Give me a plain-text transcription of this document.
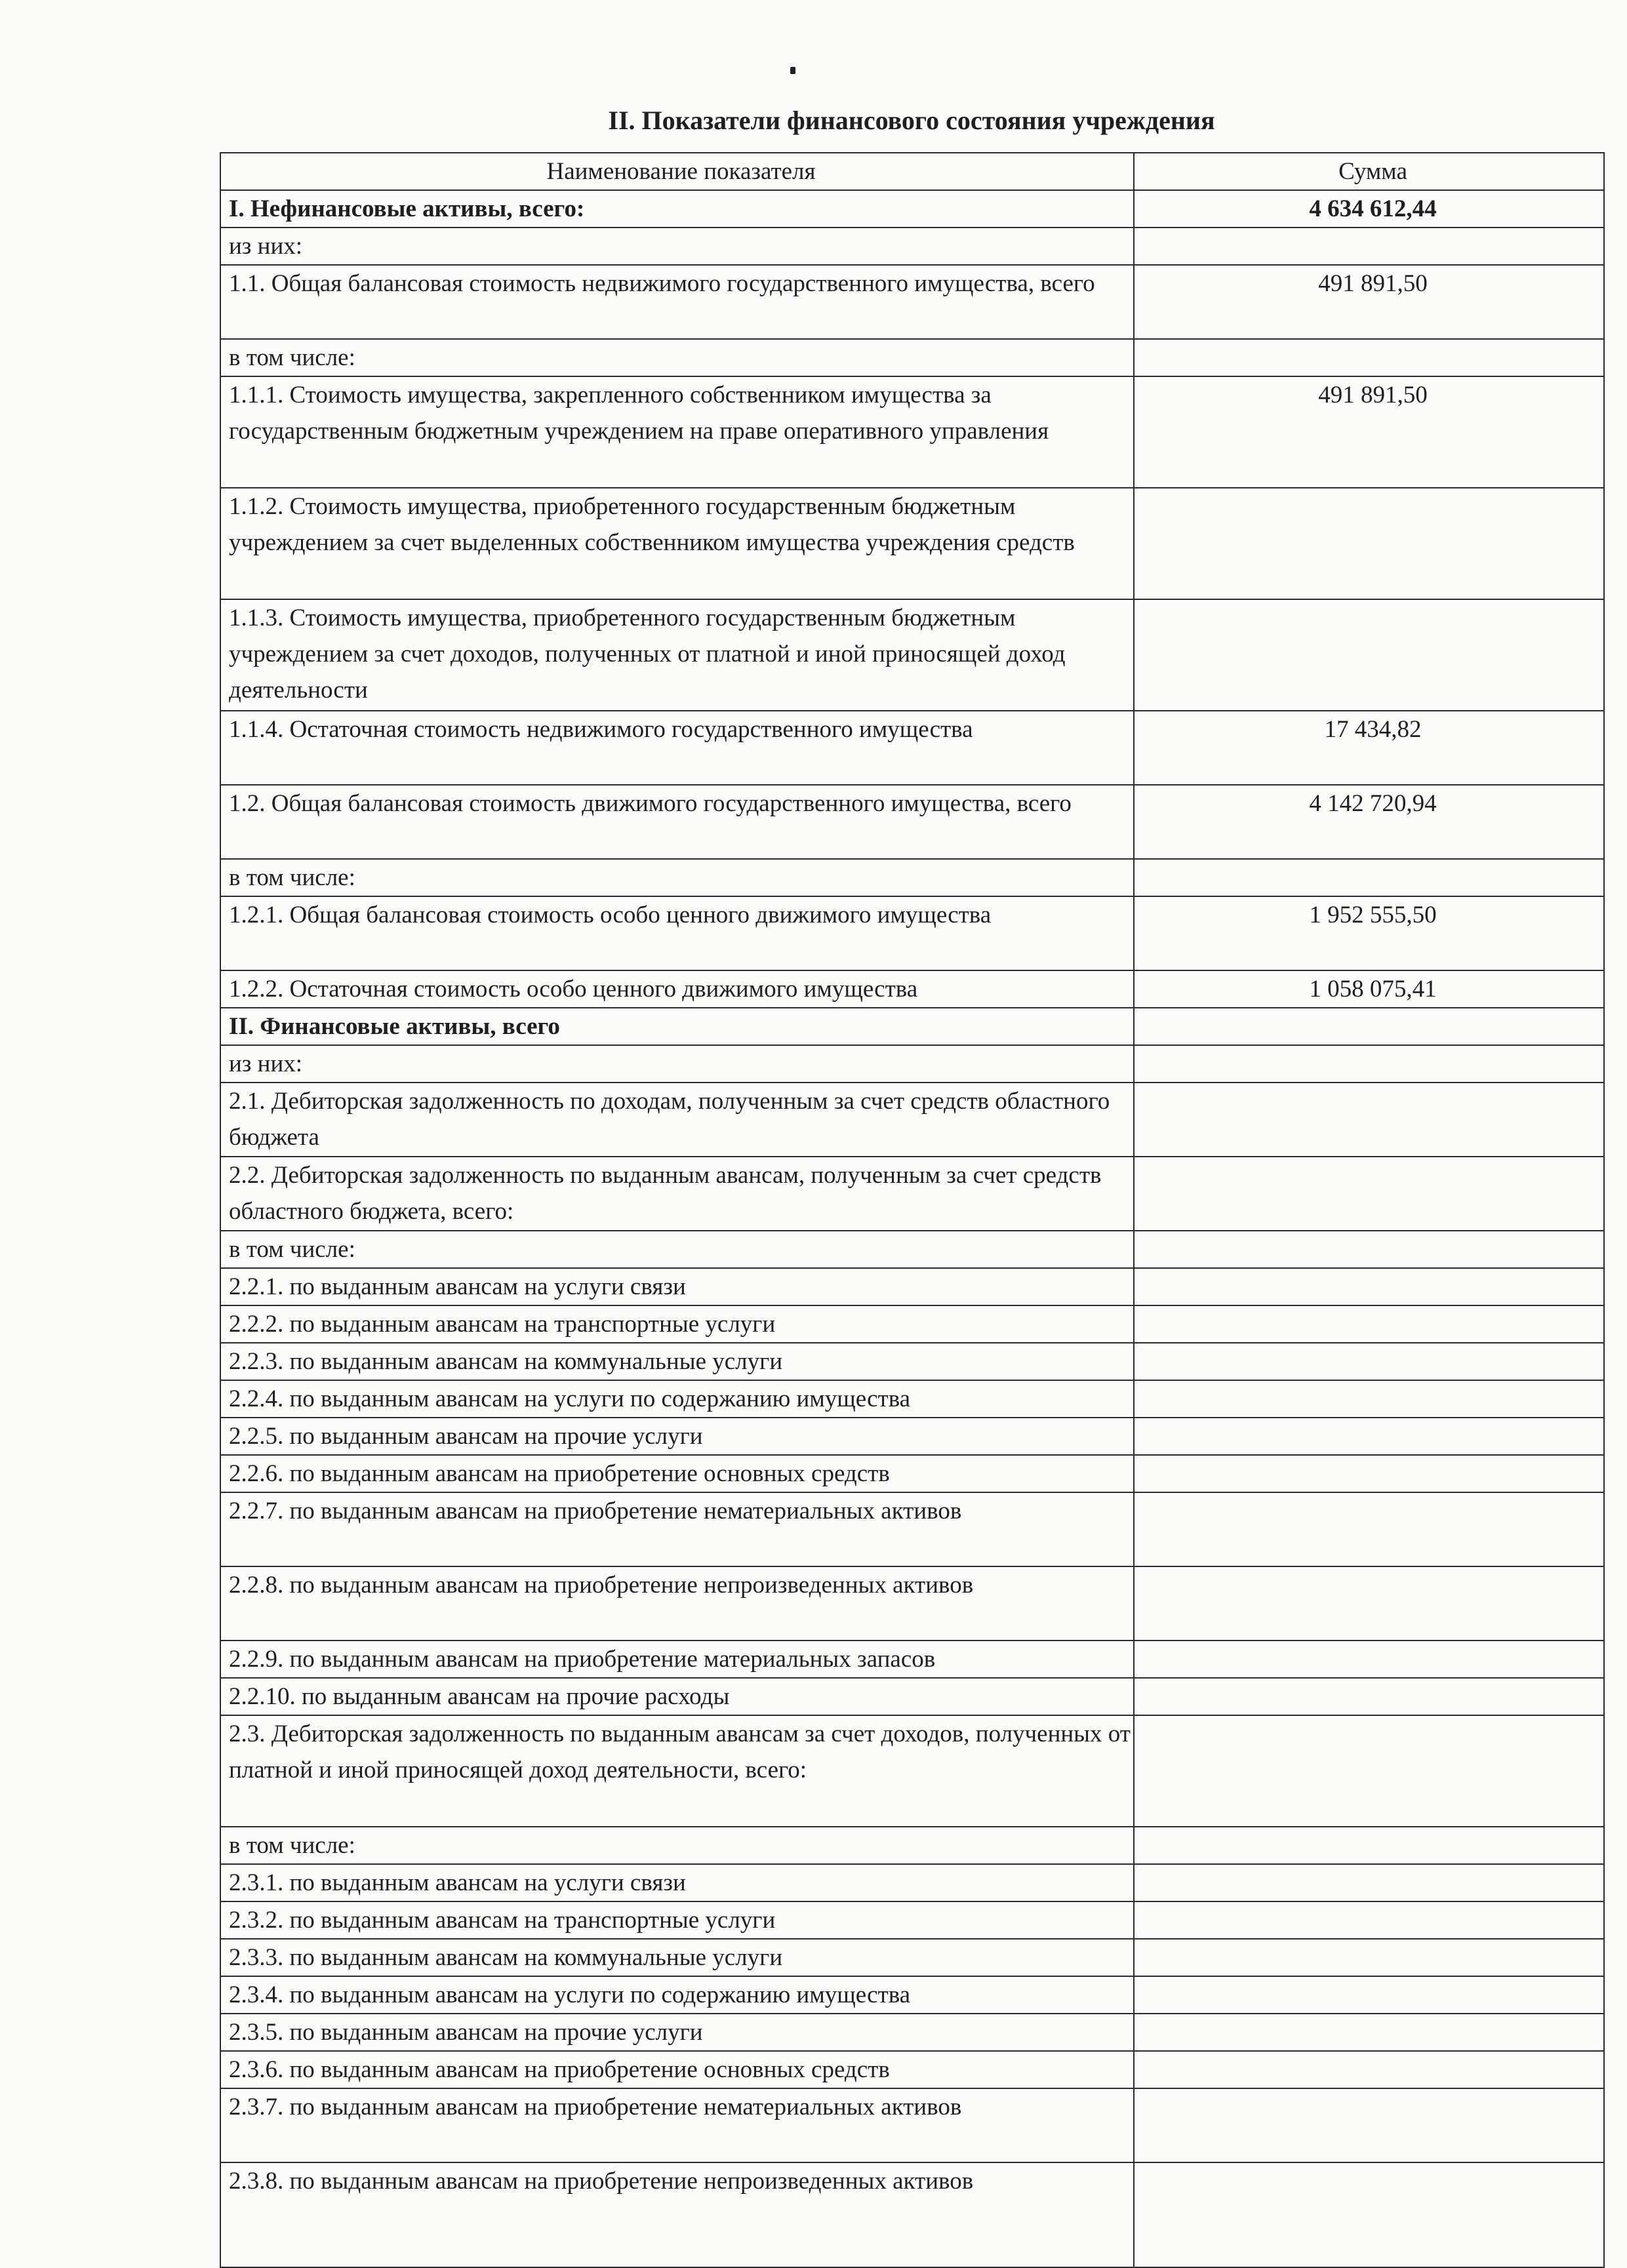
II. Показатели финансового состояния учреждения
Наименование показателя	Сумма
I. Нефинансовые активы, всего:	4 634 612,44
из них:	
1.1. Общая балансовая стоимость недвижимого государственного имущества, всего	491 891,50
в том числе:	
1.1.1. Стоимость имущества, закрепленного собственником имущества за государственным бюджетным учреждением на праве оперативного управления	491 891,50
1.1.2. Стоимость имущества, приобретенного государственным бюджетным учреждением за счет выделенных собственником имущества учреждения средств	
1.1.3. Стоимость имущества, приобретенного государственным бюджетным учреждением за счет доходов, полученных от платной и иной приносящей доход деятельности	
1.1.4. Остаточная стоимость недвижимого государственного имущества	17 434,82
1.2. Общая балансовая стоимость движимого государственного имущества, всего	4 142 720,94
в том числе:	
1.2.1. Общая балансовая стоимость особо ценного движимого имущества	1 952 555,50
1.2.2. Остаточная стоимость особо ценного движимого имущества	1 058 075,41
II. Финансовые активы, всего	
из них:	
2.1. Дебиторская задолженность по доходам, полученным за счет средств областного бюджета	
2.2. Дебиторская задолженность по выданным авансам, полученным за счет средств областного бюджета, всего:	
в том числе:	
2.2.1. по выданным авансам на услуги связи	
2.2.2. по выданным авансам на транспортные услуги	
2.2.3. по выданным авансам на коммунальные услуги	
2.2.4. по выданным авансам на услуги по содержанию имущества	
2.2.5. по выданным авансам на прочие услуги	
2.2.6. по выданным авансам на приобретение основных средств	
2.2.7. по выданным авансам на приобретение нематериальных активов	
2.2.8. по выданным авансам на приобретение непроизведенных активов	
2.2.9. по выданным авансам на приобретение материальных запасов	
2.2.10. по выданным авансам на прочие расходы	
2.3. Дебиторская задолженность по выданным авансам за счет доходов, полученных от платной и иной приносящей доход деятельности, всего:	
в том числе:	
2.3.1. по выданным авансам на услуги связи	
2.3.2. по выданным авансам на транспортные услуги	
2.3.3. по выданным авансам на коммунальные услуги	
2.3.4. по выданным авансам на услуги по содержанию имущества	
2.3.5. по выданным авансам на прочие услуги	
2.3.6. по выданным авансам на приобретение основных средств	
2.3.7. по выданным авансам на приобретение нематериальных активов	
2.3.8. по выданным авансам на приобретение непроизведенных активов	
